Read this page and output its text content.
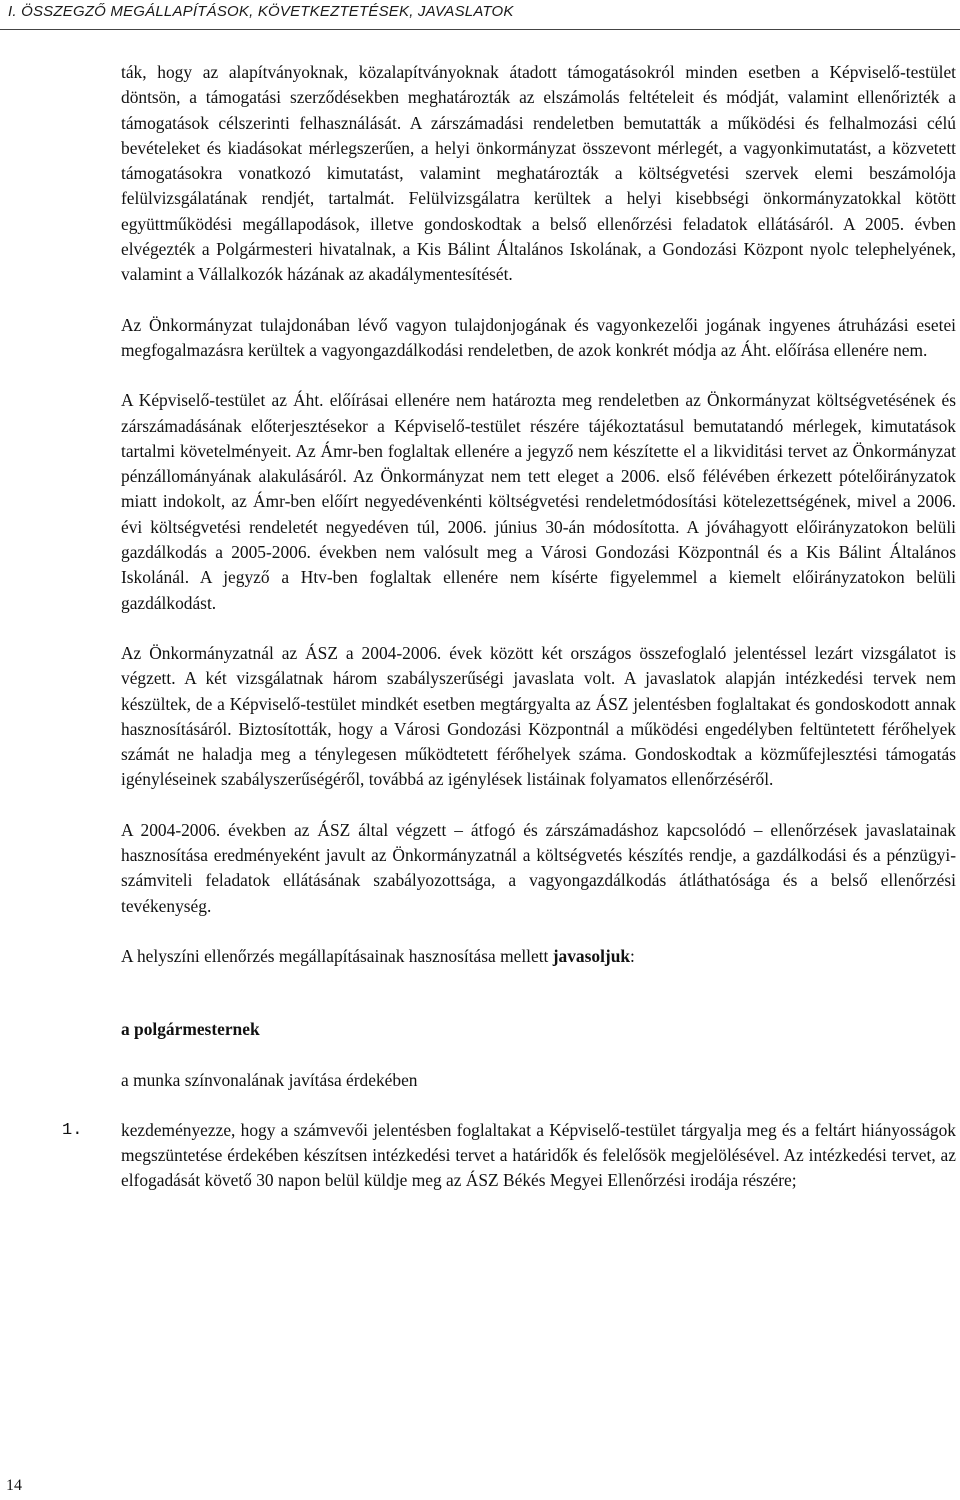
I. ÖSSZEGZŐ MEGÁLLAPÍTÁSOK, KÖVETKEZTETÉSEK, JAVASLATOK

ták, hogy az alapítványoknak, közalapítványoknak átadott támogatásokról minden esetben a Képviselő-testület döntsön, a támogatási szerződésekben meghatározták az elszámolás feltételeit és módját, valamint ellenőrizték a támogatások célszerinti felhasználását. A zárszámadási rendeletben bemutatták a működési és felhalmozási célú bevételeket és kiadásokat mérlegszerűen, a helyi önkormányzat összevont mérlegét, a vagyonkimutatást, a közvetett támogatásokra vonatkozó kimutatást, valamint meghatározták a költségvetési szervek elemi beszámolója felülvizsgálatának rendjét, tartalmát. Felülvizsgálatra kerültek a helyi kisebbségi önkormányzatokkal kötött együttműködési megállapodások, illetve gondoskodtak a belső ellenőrzési feladatok ellátásáról. A 2005. évben elvégezték a Polgármesteri hivatalnak, a Kis Bálint Általános Iskolának, a Gondozási Központ nyolc telephelyének, valamint a Vállalkozók házának az akadálymentesítését.

Az Önkormányzat tulajdonában lévő vagyon tulajdonjogának és vagyonkezelői jogának ingyenes átruházási esetei megfogalmazásra kerültek a vagyongazdálkodási rendeletben, de azok konkrét módja az Áht. előírása ellenére nem.

A Képviselő-testület az Áht. előírásai ellenére nem határozta meg rendeletben az Önkormányzat költségvetésének és zárszámadásának előterjesztésekor a Képviselő-testület részére tájékoztatásul bemutatandó mérlegek, kimutatások tartalmi követelményeit. Az Ámr-ben foglaltak ellenére a jegyző nem készítette el a likviditási tervet az Önkormányzat pénzállományának alakulásáról. Az Önkormányzat nem tett eleget a 2006. első félévében érkezett pótelőirányzatok miatt indokolt, az Ámr-ben előírt negyedévenkénti költségvetési rendeletmódosítási kötelezettségének, mivel a 2006. évi költségvetési rendeletét negyedéven túl, 2006. június 30-án módosította. A jóváhagyott előirányzatokon belüli gazdálkodás a 2005-2006. években nem valósult meg a Városi Gondozási Központnál és a Kis Bálint Általános Iskolánál. A jegyző a Htv-ben foglaltak ellenére nem kísérte figyelemmel a kiemelt előirányzatokon belüli gazdálkodást.

Az Önkormányzatnál az ÁSZ a 2004-2006. évek között két országos összefoglaló jelentéssel lezárt vizsgálatot is végzett. A két vizsgálatnak három szabályszerűségi javaslata volt. A javaslatok alapján intézkedési tervek nem készültek, de a Képviselő-testület mindkét esetben megtárgyalta az ÁSZ jelentésben foglaltakat és gondoskodott annak hasznosításáról. Biztosították, hogy a Városi Gondozási Központnál a működési engedélyben feltüntetett férőhelyek számát ne haladja meg a ténylegesen működtetett férőhelyek száma. Gondoskodtak a közműfejlesztési támogatás igényléseinek szabályszerűségéről, továbbá az igénylések listáinak folyamatos ellenőrzéséről.

A 2004-2006. években az ÁSZ által végzett – átfogó és zárszámadáshoz kapcsolódó – ellenőrzések javaslatainak hasznosítása eredményeként javult az Önkormányzatnál a költségvetés készítés rendje, a gazdálkodási és a pénzügyi-számviteli feladatok ellátásának szabályozottsága, a vagyongazdálkodás átláthatósága és a belső ellenőrzési tevékenység.

A helyszíni ellenőrzés megállapításainak hasznosítása mellett javasoljuk:

a polgármesternek

a munka színvonalának javítása érdekében

1. kezdeményezze, hogy a számvevői jelentésben foglaltakat a Képviselő-testület tárgyalja meg és a feltárt hiányosságok megszüntetése érdekében készítsen intézkedési tervet a határidők és felelősök megjelölésével. Az intézkedési tervet, az elfogadását követő 30 napon belül küldje meg az ÁSZ Békés Megyei Ellenőrzési irodája részére;

14
